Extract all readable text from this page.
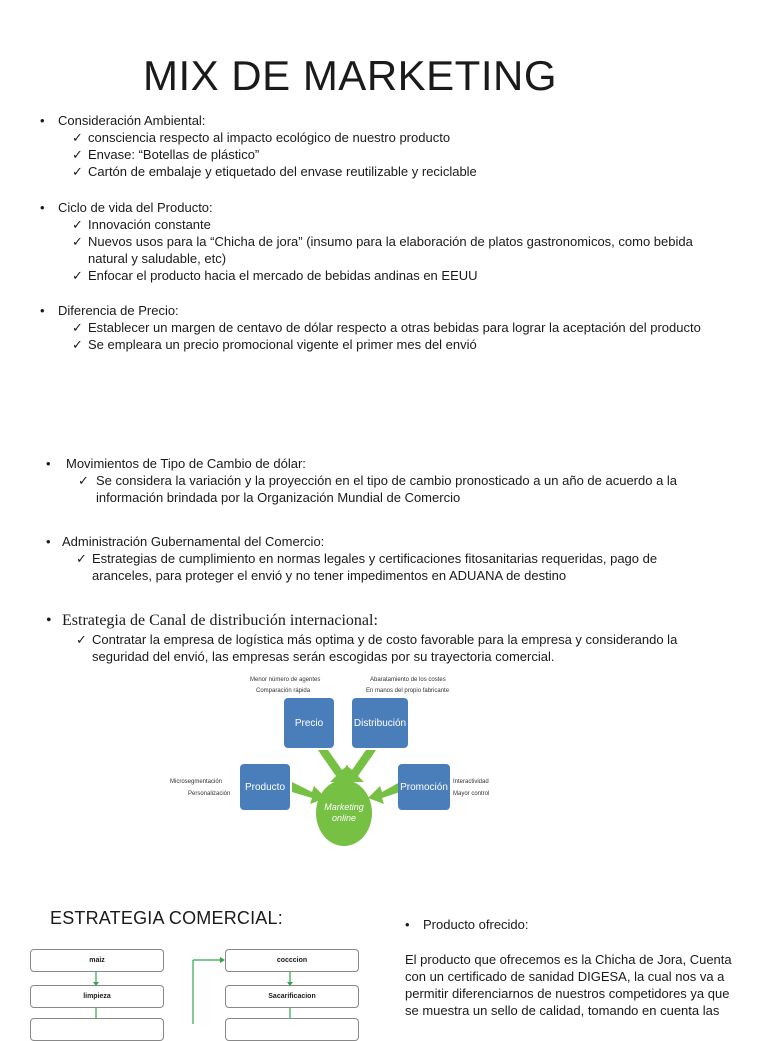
MIX DE MARKETING
• Consideración Ambiental:
✓ consciencia respecto al impacto ecológico de nuestro producto
✓ Envase: “Botellas de plástico”
✓ Cartón de embalaje y etiquetado del envase reutilizable y reciclable
• Ciclo de vida del Producto:
✓ Innovación constante
✓ Nuevos usos para la “Chicha de jora” (insumo para la elaboración de platos gastronomicos, como bebida
natural y saludable, etc)
✓ Enfocar el producto hacia el mercado de bebidas andinas en EEUU
• Diferencia de Precio:
✓ Establecer un margen de centavo de dólar respecto a otras bebidas para lograr la aceptación del producto
✓ Se empleara un precio promocional vigente el primer mes del envió
• Movimientos de Tipo de Cambio de dólar:
✓ Se considera la variación y la proyección en el tipo de cambio pronosticado a un año de acuerdo a la
información brindada por la Organización Mundial de Comercio
• Administración Gubernamental del Comercio:
✓ Estrategias de cumplimiento en normas legales y certificaciones fitosanitarias requeridas, pago de
aranceles, para proteger el envió y no tener impedimentos en ADUANA de destino
• Estrategia de Canal de distribución internacional:
✓ Contratar la empresa de logística más optima y de costo favorable para la empresa y considerando la
seguridad del envió, las empresas serán escogidas por su trayectoria comercial.
Precio	Distribución
Producto	Promoción
Marketing
online
Menor número de agentes
Comparación rápida
Abaratamiento de los costes
En manos del propio fabricante
Microsegmentación
Personalización
Interactividad
Mayor control
ESTRATEGIA COMERCIAL:
maiz
limpieza
cocccion
Sacarificacion
• Producto ofrecido:
El producto que ofrecemos es la Chicha de Jora, Cuenta
con un certificado de sanidad DIGESA, la cual nos va a
permitir diferenciarnos de nuestros competidores ya que
se muestra un sello de calidad, tomando en cuenta las
